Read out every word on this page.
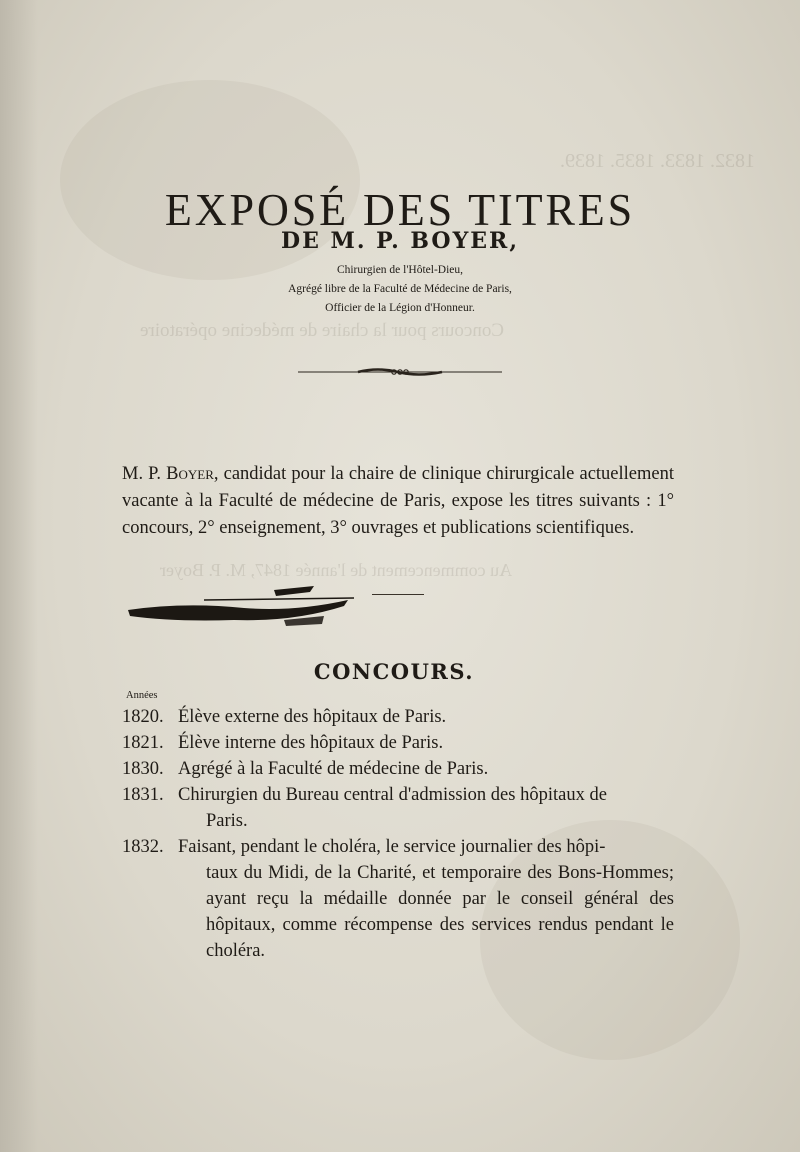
1832. 1833. 1835. 1839.
Concours pour la chaire de médecine opératoire
Au commencement de l'année 1847, M. P. Boyer
EXPOSÉ DES TITRES
DE M. P. BOYER,
Chirurgien de l'Hôtel-Dieu,
Agrégé libre de la Faculté de Médecine de Paris,
Officier de la Légion d'Honneur.

M. P. Boyer, candidat pour la chaire de clinique chirurgicale actuellement vacante à la Faculté de médecine de Paris, expose les titres suivants : 1° concours, 2° enseignement, 3° ouvrages et publications scientifiques.

CONCOURS.
Années
1820. Élève externe des hôpitaux de Paris.
1821. Élève interne des hôpitaux de Paris.
1830. Agrégé à la Faculté de médecine de Paris.
1831. Chirurgien du Bureau central d'admission des hôpitaux de
Paris.
1832. Faisant, pendant le choléra, le service journalier des hôpi-
taux du Midi, de la Charité, et temporaire des Bons-Hommes; ayant reçu la médaille donnée par le conseil général des hôpitaux, comme récompense des services rendus pendant le choléra.
